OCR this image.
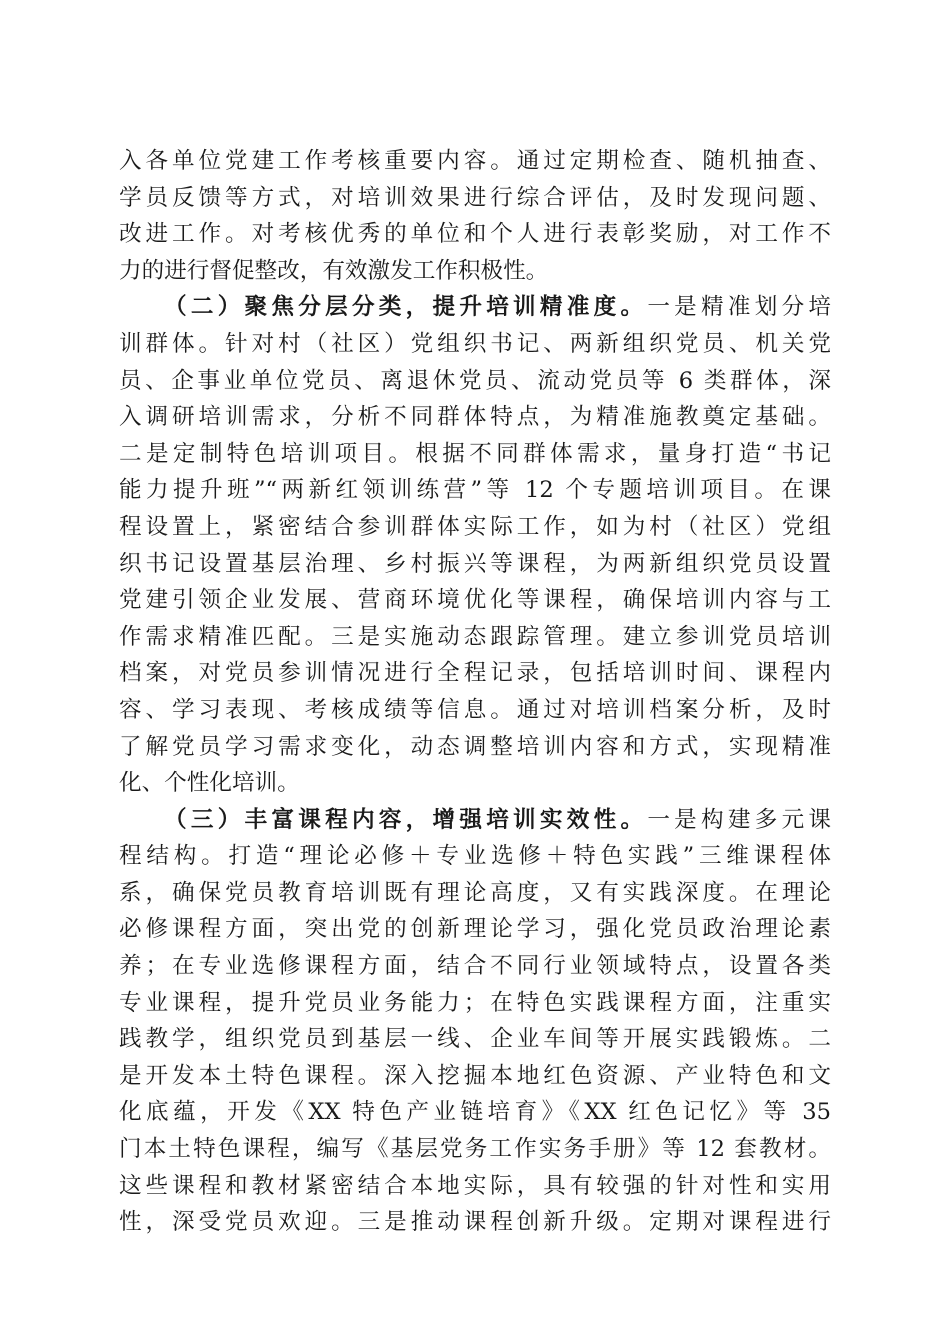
入各单位党建工作考核重要内容。通过定期检查、随机抽查、
学员反馈等方式，对培训效果进行综合评估，及时发现问题、
改进工作。对考核优秀的单位和个人进行表彰奖励，对工作不
力的进行督促整改，有效激发工作积极性。
（二）聚焦分层分类，提升培训精准度。一是精准划分培
训群体。针对村（社区）党组织书记、两新组织党员、机关党
员、企事业单位党员、离退休党员、流动党员等 6 类群体，深
入调研培训需求，分析不同群体特点，为精准施教奠定基础。
二是定制特色培训项目。根据不同群体需求，量身打造“书记
能力提升班”“两新红领训练营”等 12 个专题培训项目。在课
程设置上，紧密结合参训群体实际工作，如为村（社区）党组
织书记设置基层治理、乡村振兴等课程，为两新组织党员设置
党建引领企业发展、营商环境优化等课程，确保培训内容与工
作需求精准匹配。三是实施动态跟踪管理。建立参训党员培训
档案，对党员参训情况进行全程记录，包括培训时间、课程内
容、学习表现、考核成绩等信息。通过对培训档案分析，及时
了解党员学习需求变化，动态调整培训内容和方式，实现精准
化、个性化培训。
（三）丰富课程内容，增强培训实效性。一是构建多元课
程结构。打造“理论必修＋专业选修＋特色实践”三维课程体
系，确保党员教育培训既有理论高度，又有实践深度。在理论
必修课程方面，突出党的创新理论学习，强化党员政治理论素
养；在专业选修课程方面，结合不同行业领域特点，设置各类
专业课程，提升党员业务能力；在特色实践课程方面，注重实
践教学，组织党员到基层一线、企业车间等开展实践锻炼。二
是开发本土特色课程。深入挖掘本地红色资源、产业特色和文
化底蕴，开发《XX 特色产业链培育》《XX 红色记忆》等 35
门本土特色课程，编写《基层党务工作实务手册》等 12 套教材。
这些课程和教材紧密结合本地实际，具有较强的针对性和实用
性，深受党员欢迎。三是推动课程创新升级。定期对课程进行
